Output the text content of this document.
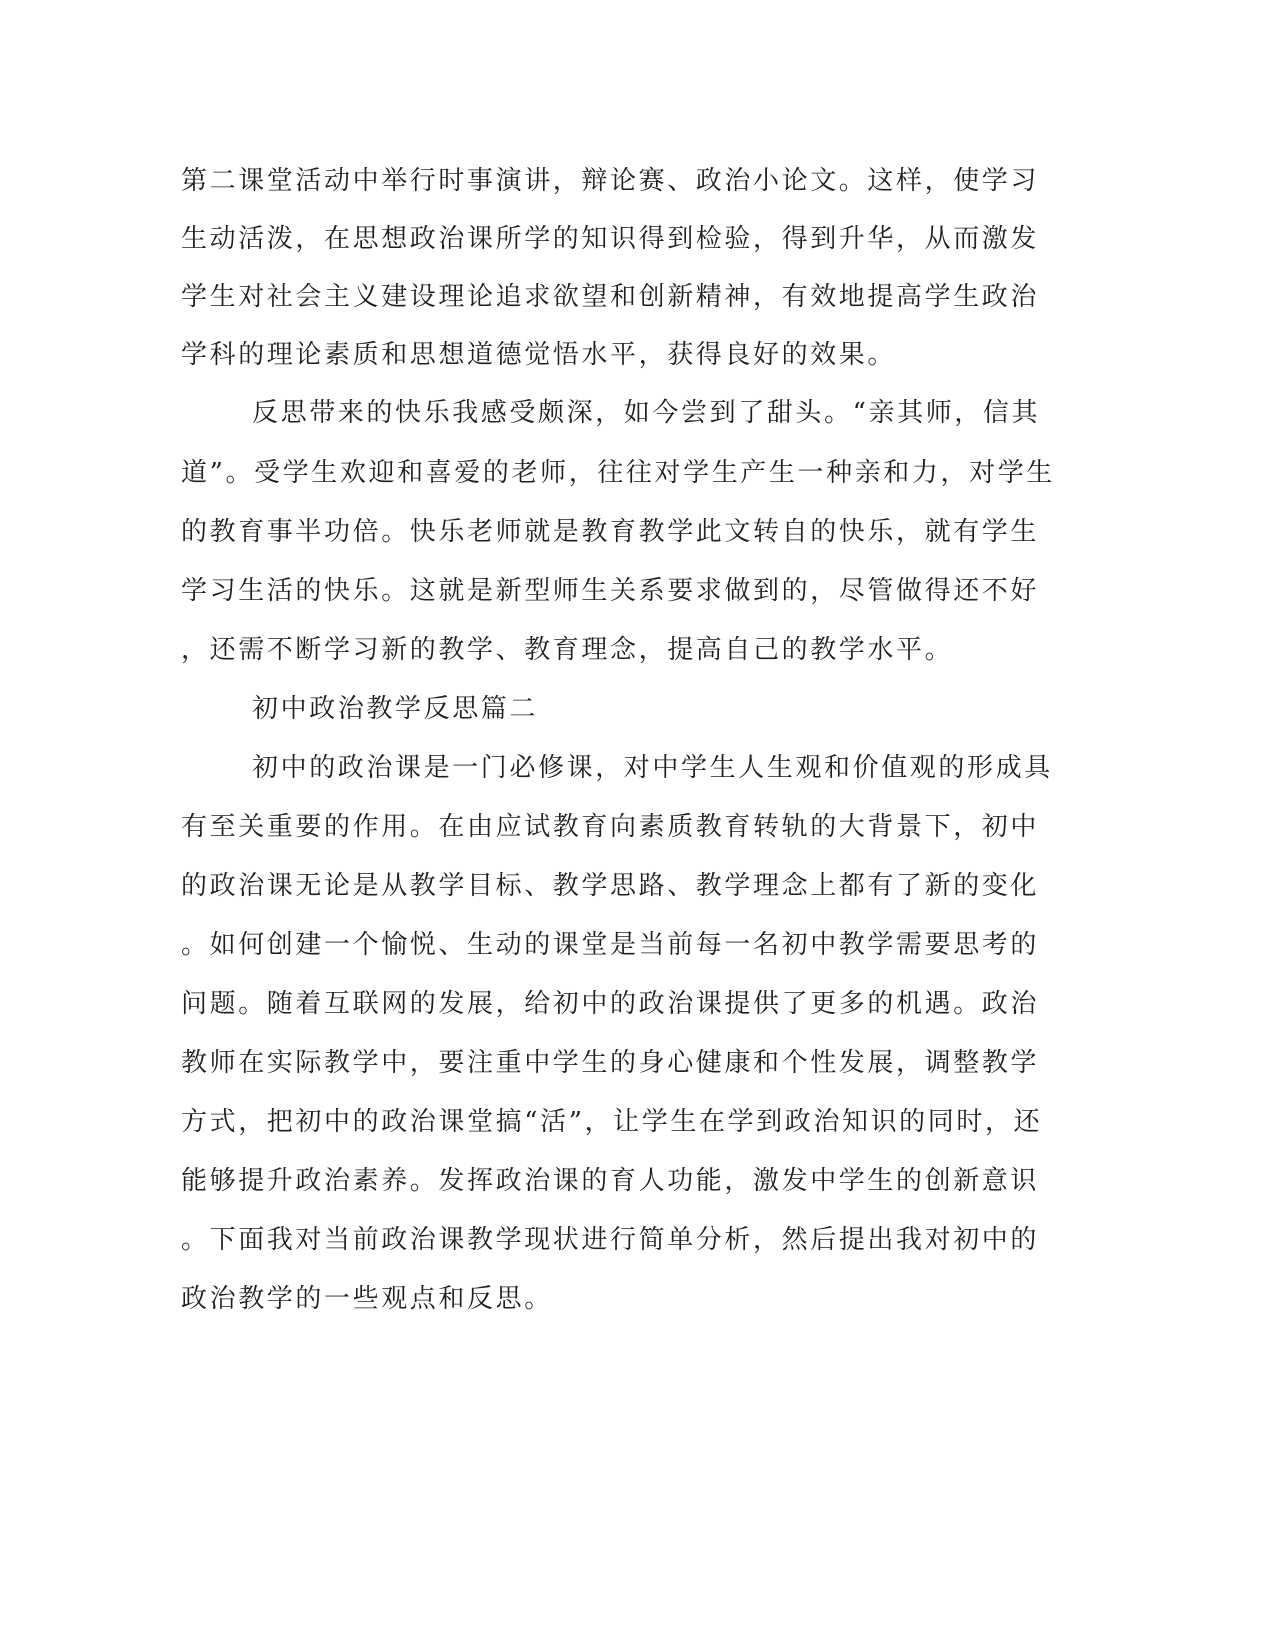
第二课堂活动中举行时事演讲，辩论赛、政治小论文。这样，使学习
生动活泼，在思想政治课所学的知识得到检验，得到升华，从而激发
学生对社会主义建设理论追求欲望和创新精神，有效地提高学生政治
学科的理论素质和思想道德觉悟水平，获得良好的效果。
反思带来的快乐我感受颇深，如今尝到了甜头。“亲其师，信其
道”。受学生欢迎和喜爱的老师，往往对学生产生一种亲和力，对学生
的教育事半功倍。快乐老师就是教育教学此文转自的快乐，就有学生
学习生活的快乐。这就是新型师生关系要求做到的，尽管做得还不好
，还需不断学习新的教学、教育理念，提高自己的教学水平。
初中政治教学反思篇二
初中的政治课是一门必修课，对中学生人生观和价值观的形成具
有至关重要的作用。在由应试教育向素质教育转轨的大背景下，初中
的政治课无论是从教学目标、教学思路、教学理念上都有了新的变化
。如何创建一个愉悦、生动的课堂是当前每一名初中教学需要思考的
问题。随着互联网的发展，给初中的政治课提供了更多的机遇。政治
教师在实际教学中，要注重中学生的身心健康和个性发展，调整教学
方式，把初中的政治课堂搞“活”，让学生在学到政治知识的同时，还
能够提升政治素养。发挥政治课的育人功能，激发中学生的创新意识
。下面我对当前政治课教学现状进行简单分析，然后提出我对初中的
政治教学的一些观点和反思。
